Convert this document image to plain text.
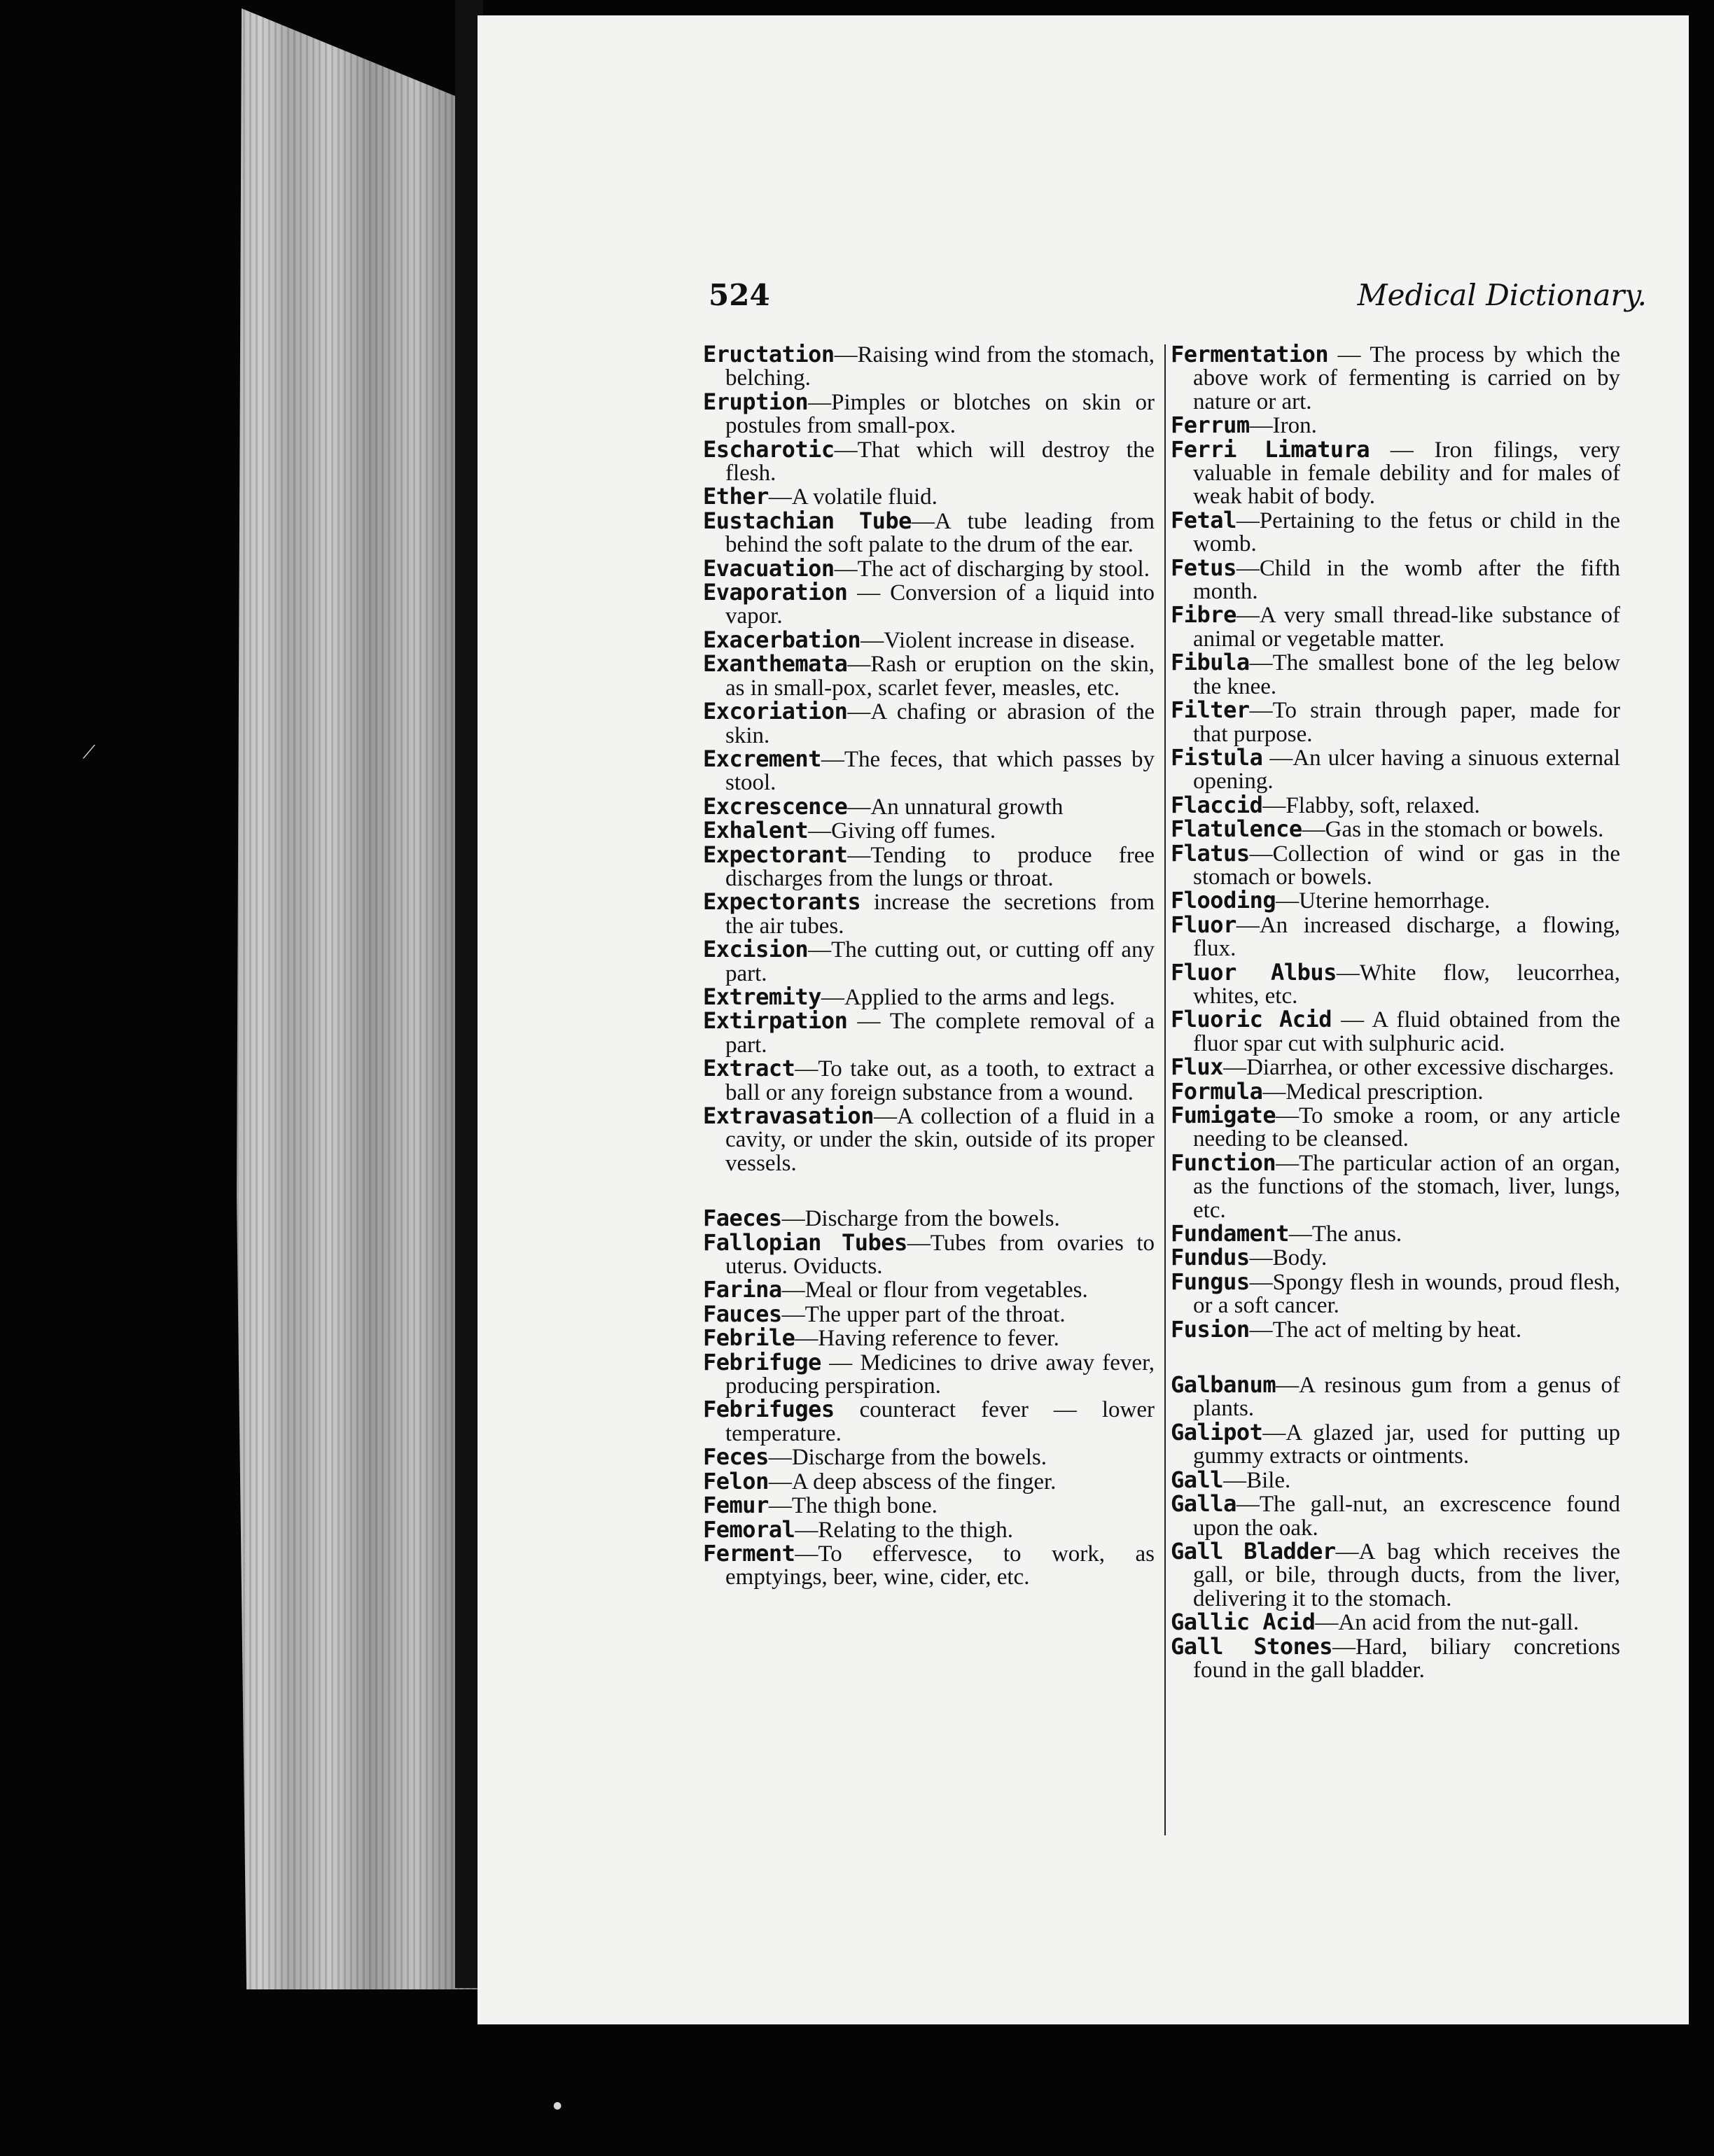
524	Medical Dictionary.

Eructation—Raising wind from the stomach, belching.

Eruption—Pimples or blotches on skin or postules from small-pox.

Escharotic—That which will destroy the flesh.

Ether—A volatile fluid.

Eustachian Tube—A tube leading from behind the soft palate to the drum of the ear.

Evacuation—The act of discharging by stool.

Evaporation — Conversion of a liquid into vapor.

Exacerbation—Violent increase in disease.

Exanthemata—Rash or eruption on the skin, as in small-pox, scarlet fever, measles, etc.

Excoriation—A chafing or abrasion of the skin.

Excrement—The feces, that which passes by stool.

Excrescence—An unnatural growth

Exhalent—Giving off fumes.

Expectorant—Tending to produce free discharges from the lungs or throat.

Expectorants increase the secretions from the air tubes.

Excision—The cutting out, or cutting off any part.

Extremity—Applied to the arms and legs.

Extirpation — The complete removal of a part.

Extract—To take out, as a tooth, to extract a ball or any foreign substance from a wound.

Extravasation—A collection of a fluid in a cavity, or under the skin, outside of its proper vessels.

Faeces—Discharge from the bowels.

Fallopian Tubes—Tubes from ovaries to uterus. Oviducts.

Farina—Meal or flour from vegetables.

Fauces—The upper part of the throat.

Febrile—Having reference to fever.

Febrifuge — Medicines to drive away fever, producing perspiration.

Febrifuges counteract fever — lower temperature.

Feces—Discharge from the bowels.

Felon—A deep abscess of the finger.

Femur—The thigh bone.

Femoral—Relating to the thigh.

Ferment—To effervesce, to work, as emptyings, beer, wine, cider, etc.

Fermentation — The process by which the above work of fermenting is carried on by nature or art.

Ferrum—Iron.

Ferri Limatura — Iron filings, very valuable in female debility and for males of weak habit of body.

Fetal—Pertaining to the fetus or child in the womb.

Fetus—Child in the womb after the fifth month.

Fibre—A very small thread-like substance of animal or vegetable matter.

Fibula—The smallest bone of the leg below the knee.

Filter—To strain through paper, made for that purpose.

Fistula —An ulcer having a sinuous external opening.

Flaccid—Flabby, soft, relaxed.

Flatulence—Gas in the stomach or bowels.

Flatus—Collection of wind or gas in the stomach or bowels.

Flooding—Uterine hemorrhage.

Fluor—An increased discharge, a flowing, flux.

Fluor Albus—White flow, leucorrhea, whites, etc.

Fluoric Acid — A fluid obtained from the fluor spar cut with sulphuric acid.

Flux—Diarrhea, or other excessive discharges.

Formula—Medical prescription.

Fumigate—To smoke a room, or any article needing to be cleansed.

Function—The particular action of an organ, as the functions of the stomach, liver, lungs, etc.

Fundament—The anus.

Fundus—Body.

Fungus—Spongy flesh in wounds, proud flesh, or a soft cancer.

Fusion—The act of melting by heat.

Galbanum—A resinous gum from a genus of plants.

Galipot—A glazed jar, used for putting up gummy extracts or ointments.

Gall—Bile.

Galla—The gall-nut, an excrescence found upon the oak.

Gall Bladder—A bag which receives the gall, or bile, through ducts, from the liver, delivering it to the stomach.

Gallic Acid—An acid from the nut-gall.

Gall Stones—Hard, biliary concretions found in the gall bladder.

⟋
●
